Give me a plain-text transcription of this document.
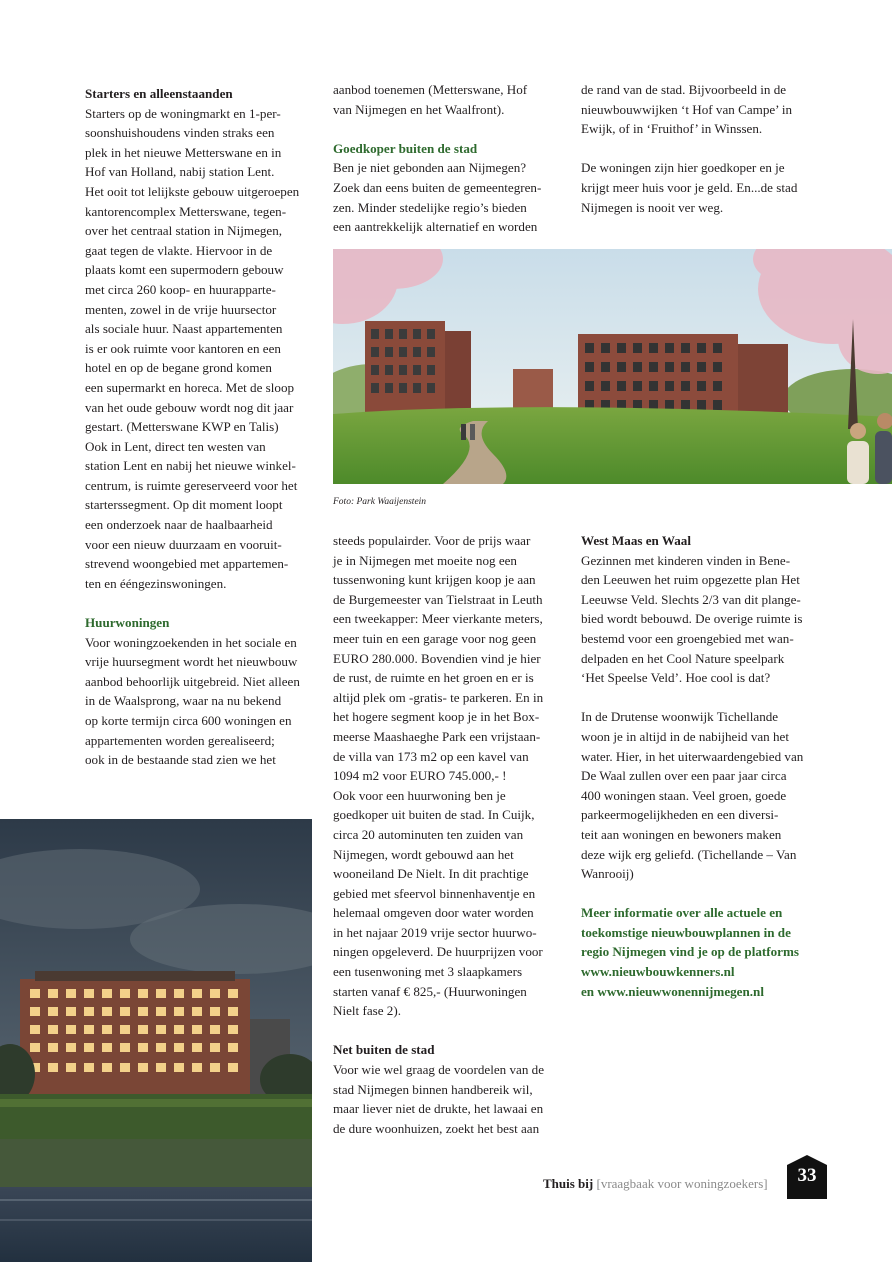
Starters en alleenstaanden

Starters op de woningmarkt en 1-per-
soonshuishoudens vinden straks een
plek in het nieuwe Metterswane en in
Hof van Holland, nabij station Lent.
Het ooit tot lelijkste gebouw uitgeroepen
kantorencomplex Metterswane, tegen-
over het centraal station in Nijmegen,
gaat tegen de vlakte. Hiervoor in de
plaats komt een supermodern gebouw
met circa 260 koop- en huurapparte-
menten, zowel in de vrije huursector
als sociale huur. Naast appartementen
is er ook ruimte voor kantoren en een
hotel en op de begane grond komen
een supermarkt en horeca. Met de sloop
van het oude gebouw wordt nog dit jaar
gestart. (Metterswane KWP en Talis)
Ook in Lent, direct ten westen van
station Lent en nabij het nieuwe winkel-
centrum, is ruimte gereserveerd voor het
starterssegment. Op dit moment loopt
een onderzoek naar de haalbaarheid
voor een nieuw duurzaam en vooruit-
strevend woongebied met appartemen-
ten en ééngezinswoningen.

Huurwoningen

Voor woningzoekenden in het sociale en
vrije huursegment wordt het nieuwbouw
aanbod behoorlijk uitgebreid. Niet alleen
in de Waalsprong, waar na nu bekend
op korte termijn circa 600 woningen en
appartementen worden gerealiseerd;
ook in de bestaande stad zien we het
aanbod toenemen (Metterswane, Hof
van Nijmegen en het Waalfront).

Goedkoper buiten de stad

Ben je niet gebonden aan Nijmegen?
Zoek dan eens buiten de gemeentegren-
zen. Minder stedelijke regio’s bieden
een aantrekkelijk alternatief en worden
de rand van de stad. Bijvoorbeeld in de
nieuwbouwwijken ‘t Hof van Campe’ in
Ewijk, of in ‘Fruithof’ in Winssen.
De woningen zijn hier goedkoper en je
krijgt meer huis voor je geld. En...de stad
Nijmegen is nooit ver weg.
Foto: Park Waaijenstein
steeds populairder. Voor de prijs waar
je in Nijmegen met moeite nog een
tussenwoning kunt krijgen koop je aan
de Burgemeester van Tielstraat in Leuth
een tweekapper: Meer vierkante meters,
meer tuin en een garage voor nog geen
EURO 280.000. Bovendien vind je hier
de rust, de ruimte en het groen en er is
altijd plek om -gratis- te parkeren. En in
het hogere segment koop je in het Box-
meerse Maashaeghe Park een vrijstaan-
de villa van 173 m2 op een kavel van
1094 m2 voor EURO 745.000,- !
Ook voor een huurwoning ben je
goedkoper uit buiten de stad. In Cuijk,
circa 20 autominuten ten zuiden van
Nijmegen, wordt gebouwd aan het
wooneiland De Nielt. In dit prachtige
gebied met sfeervol binnenhaventje en
helemaal omgeven door water worden
in het najaar 2019 vrije sector huurwo-
ningen opgeleverd. De huurprijzen voor
een tusenwoning met 3 slaapkamers
starten vanaf € 825,- (Huurwoningen
Nielt fase 2).

Net buiten de stad

Voor wie wel graag de voordelen van de
stad Nijmegen binnen handbereik wil,
maar liever niet de drukte, het lawaai en
de dure woonhuizen, zoekt het best aan

West Maas en Waal

Gezinnen met kinderen vinden in Bene-
den Leeuwen het ruim opgezette plan Het
Leeuwse Veld. Slechts 2/3 van dit plange-
bied wordt bebouwd. De overige ruimte is
bestemd voor een groengebied met wan-
delpaden en het Cool Nature speelpark
‘Het Speelse Veld’. Hoe cool is dat?
In de Drutense woonwijk Tichellande
woon je in altijd in de nabijheid van het
water. Hier, in het uiterwaardengebied van
De Waal zullen over een paar jaar circa
400 woningen staan. Veel groen, goede
parkeermogelijkheden en een diversi-
teit aan woningen en bewoners maken
deze wijk erg geliefd. (Tichellande – Van
Wanrooij)
Meer informatie over alle actuele en
toekomstige nieuwbouwplannen in de
regio Nijmegen vind je op de platforms
www.nieuwbouwkenners.nl
en www.nieuwwonennijmegen.nl
Thuis bij [vraagbaak voor woningzoekers]	33
